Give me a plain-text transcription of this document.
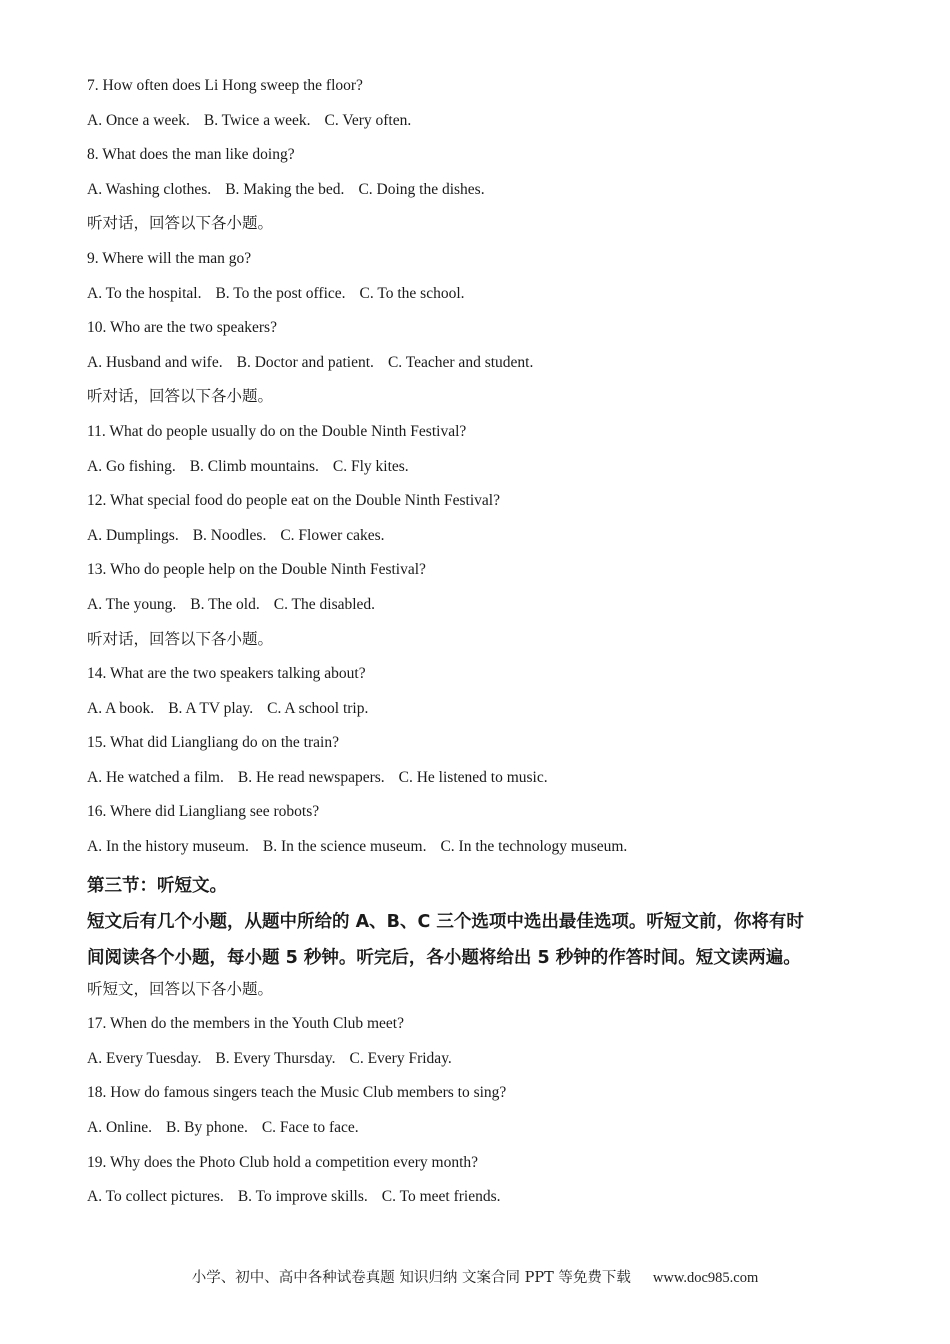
7. How often does Li Hong sweep the floor?
A. Once a week. B. Twice a week. C. Very often.
8. What does the man like doing?
A. Washing clothes. B. Making the bed. C. Doing the dishes.
听对话，回答以下各小题。
9. Where will the man go?
A. To the hospital. B. To the post office. C. To the school.
10. Who are the two speakers?
A. Husband and wife. B. Doctor and patient. C. Teacher and student.
听对话，回答以下各小题。
11. What do people usually do on the Double Ninth Festival?
A. Go fishing. B. Climb mountains. C. Fly kites.
12. What special food do people eat on the Double Ninth Festival?
A. Dumplings. B. Noodles. C. Flower cakes.
13. Who do people help on the Double Ninth Festival?
A. The young. B. The old. C. The disabled.
听对话，回答以下各小题。
14. What are the two speakers talking about?
A. A book. B. A TV play. C. A school trip.
15. What did Liangliang do on the train?
A. He watched a film. B. He read newspapers. C. He listened to music.
16. Where did Liangliang see robots?
A. In the history museum. B. In the science museum. C. In the technology museum.
第三节：听短文。
短文后有几个小题，从题中所给的 A、B、C 三个选项中选出最佳选项。听短文前，你将有时
间阅读各个小题，每小题 5 秒钟。听完后，各小题将给出 5 秒钟的作答时间。短文读两遍。
听短文，回答以下各小题。
17. When do the members in the Youth Club meet?
A. Every Tuesday. B. Every Thursday. C. Every Friday.
18. How do famous singers teach the Music Club members to sing?
A. Online. B. By phone. C. Face to face.
19. Why does the Photo Club hold a competition every month?
A. To collect pictures. B. To improve skills. C. To meet friends.
小学、初中、高中各种试卷真题 知识归纳 文案合同 PPT 等免费下载 www.doc985.com
